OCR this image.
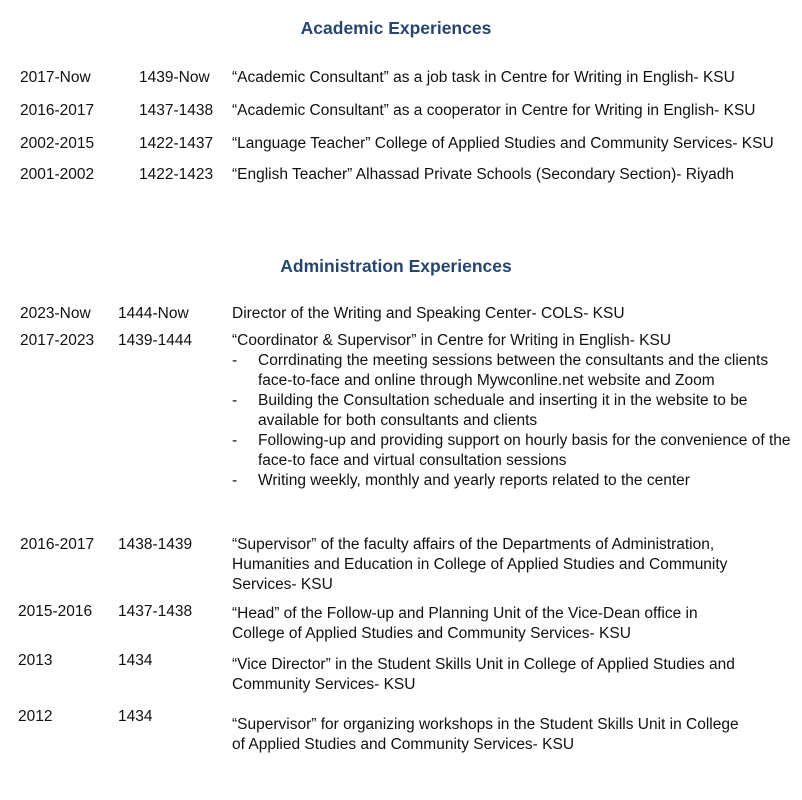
Academic Experiences
2017-Now	1439-Now “Academic Consultant” as a job task in Centre for Writing in English- KSU
2016-2017	1437-1438 “Academic Consultant” as a cooperator in Centre for Writing in English- KSU
2002-2015	1422-1437 “Language Teacher” College of Applied Studies and Community Services- KSU
2001-2002	1422-1423 “English Teacher” Alhassad Private Schools (Secondary Section)- Riyadh
Administration Experiences
2023-Now 1444-Now	Director of the Writing and Speaking Center- COLS- KSU
2017-2023 1439-1444	“Coordinator & Supervisor” in Centre for Writing in English- KSU
- Corrdinating the meeting sessions between the consultants and the clients face-to-face and online through Mywconline.net website and Zoom
- Building the Consultation scheduale and inserting it in the website to be available for both consultants and clients
- Following-up and providing support on hourly basis for the convenience of the face-to face and virtual consultation sessions
- Writing weekly, monthly and yearly reports related to the center
2016-2017 1438-1439	“Supervisor” of the faculty affairs of the Departments of Administration, Humanities and Education in College of Applied Studies and Community Services- KSU
2015-2016 1437-1438	“Head” of the Follow-up and Planning Unit of the Vice-Dean office in College of Applied Studies and Community Services- KSU
2013	1434	“Vice Director” in the Student Skills Unit in College of Applied Studies and Community Services- KSU
2012	1434	“Supervisor” for organizing workshops in the Student Skills Unit in College of Applied Studies and Community Services- KSU
